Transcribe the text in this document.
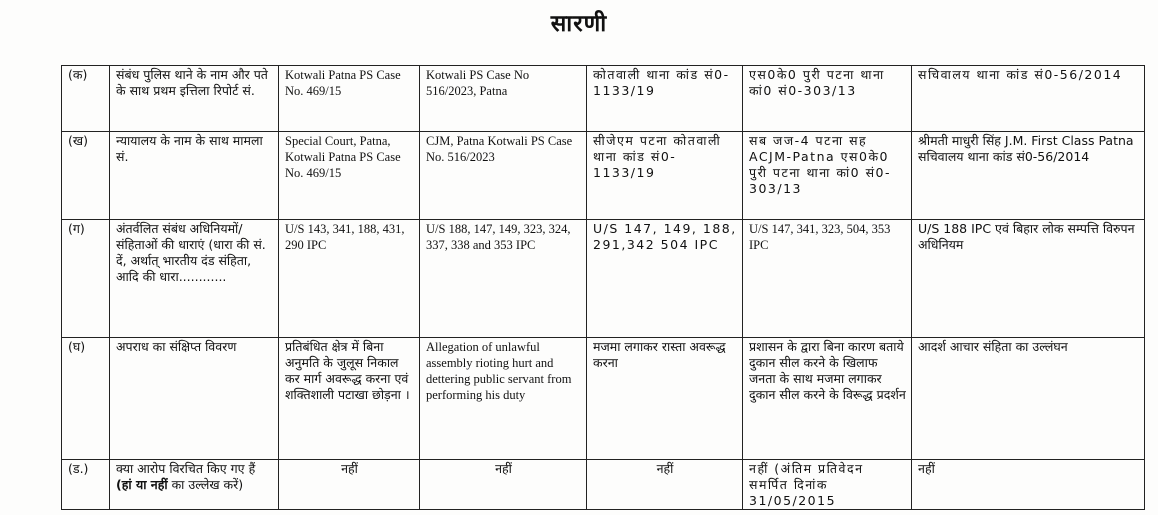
सारणी
(क)	संबंध पुलिस थाने के नाम और पते के साथ प्रथम इत्तिला रिपोर्ट सं.	Kotwali Patna PS Case No. 469/15	Kotwali PS Case No 516/2023, Patna	कोतवाली थाना कांड सं0-1133/19	एस0के0 पुरी पटना थाना कां0 सं0-303/13	सचिवालय थाना कांड सं0-56/2014
(ख)	न्यायालय के नाम के साथ मामला सं.	Special Court, Patna, Kotwali Patna PS Case No. 469/15	CJM, Patna Kotwali PS Case No. 516/2023	सीजेएम पटना कोतवाली थाना कांड सं0-1133/19	सब जज-4 पटना सह ACJM-Patna एस0के0 पुरी पटना थाना कां0 सं0-303/13	श्रीमती माधुरी सिंह J.M. First Class Patna सचिवालय थाना कांड सं0-56/2014
(ग)	अंतर्वलित संबंध अधिनियमों/ संहिताओं की धाराएं (धारा की सं. दें, अर्थात् भारतीय दंड संहिता, आदि की धारा............	U/S 143, 341, 188, 431, 290 IPC	U/S 188, 147, 149, 323, 324, 337, 338 and 353 IPC	U/S 147, 149, 188, 291,342 504 IPC	U/S 147, 341, 323, 504, 353 IPC	U/S 188 IPC एवं बिहार लोक सम्पत्ति विरुपन अधिनियम
(घ)	अपराध का संक्षिप्त विवरण	प्रतिबंधित क्षेत्र में बिना अनुमति के जुलूस निकाल कर मार्ग अवरूद्ध करना एवं शक्तिशाली पटाखा छोड़ना ।	Allegation of unlawful assembly rioting hurt and dettering public servant from performing his duty	मजमा लगाकर रास्ता अवरूद्ध करना	प्रशासन के द्वारा बिना कारण बताये दुकान सील करने के खिलाफ जनता के साथ मजमा लगाकर दुकान सील करने के विरूद्ध प्रदर्शन	आदर्श आचार संहिता का उल्लंघन
(ड.)	क्या आरोप विरचित किए गए हैं (हां या नहीं का उल्लेख करें)	नहीं	नहीं	नहीं	नहीं (अंतिम प्रतिवेदन समर्पित दिनांक 31/05/2015	नहीं
